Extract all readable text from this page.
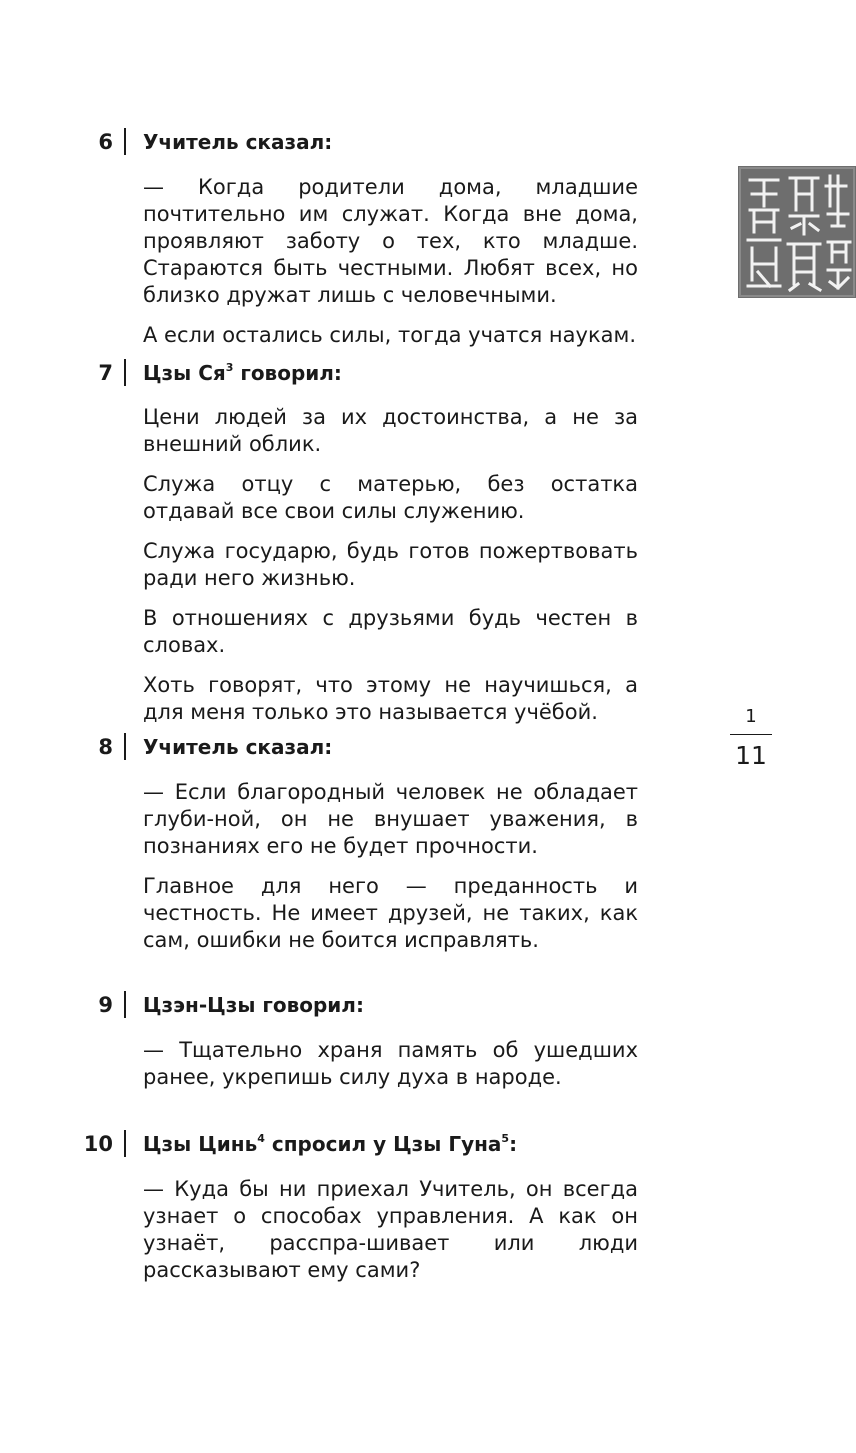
6 Учитель сказал:

— Когда родители дома, младшие почтительно им служат. Когда вне дома, проявляют заботу о тех, кто младше. Стараются быть честными. Любят всех, но близко дружат лишь с человечными.

А если остались силы, тогда учатся наукам.

7 Цзы $Ся^3$ говорил:

Цени людей за их достоинства, а не за внешний облик.

Служа отцу с матерью, без остатка отдавай все свои силы служению.

Служа государю, будь готов пожертвовать ради него жизнью.

В отношениях с друзьями будь честен в словах.

Хоть говорят, что этому не научишься, а для меня только это называется учёбой.

8 Учитель сказал:

— Если благородный человек не обладает глуби-ной, он не внушает уважения, в познаниях его не будет прочности.

Главное для него — преданность и честность. Не имеет друзей, не таких, как сам, ошибки не боится исправлять.

9 Цзэн-Цзы говорил:

— Тщательно храня память об ушедших ранее, укрепишь силу духа в народе.

10 Цзы Цинь$^4$ спросил у Цзы Гуна$^5$:

— Куда бы ни приехал Учитель, он всегда узнает о способах управления. А как он узнаёт, расспра-шивает или люди рассказывают ему сами?

1
11
